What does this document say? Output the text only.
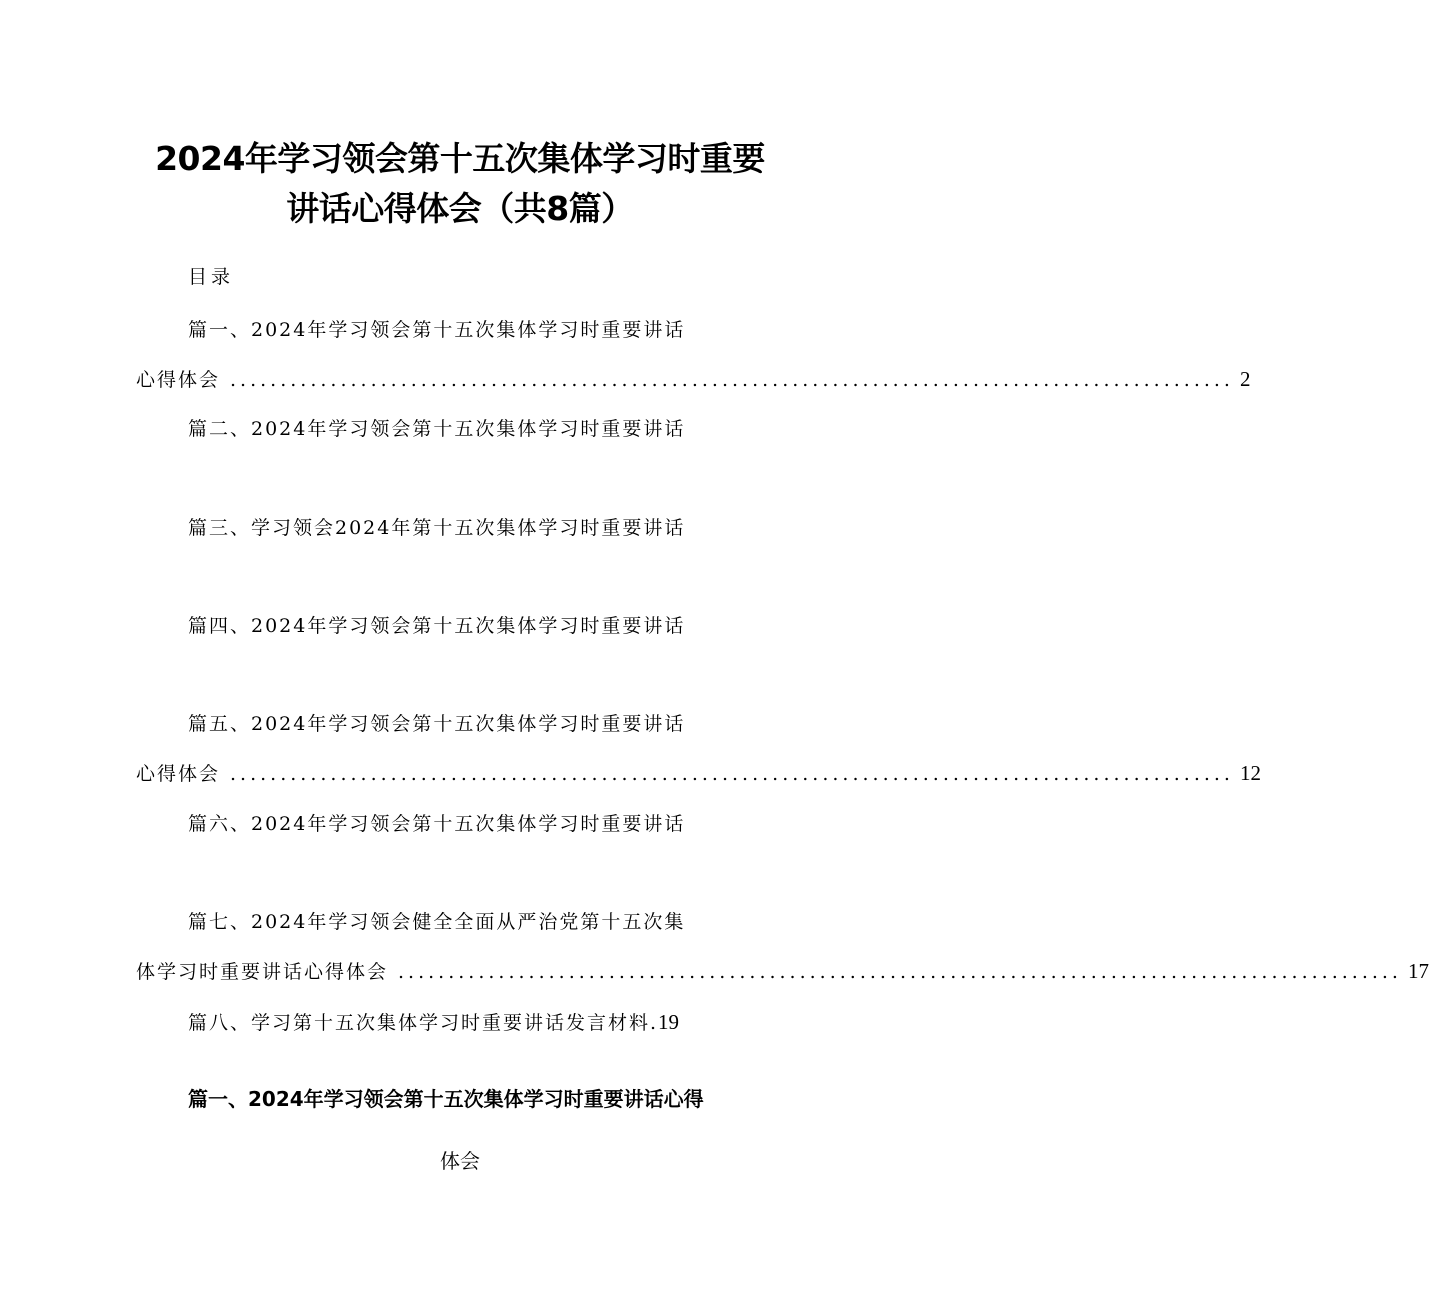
2024年学习领会第十五次集体学习时重要
讲话心得体会（共8篇）
目录
篇一、2024年学习领会第十五次集体学习时重要讲话
心得体会 .................................................................................................... 2
篇二、2024年学习领会第十五次集体学习时重要讲话
篇三、学习领会2024年第十五次集体学习时重要讲话
篇四、2024年学习领会第十五次集体学习时重要讲话
篇五、2024年学习领会第十五次集体学习时重要讲话
心得体会 .................................................................................................... 12
篇六、2024年学习领会第十五次集体学习时重要讲话
篇七、2024年学习领会健全全面从严治党第十五次集
体学习时重要讲话心得体会 .................................................................................................... 17
篇八、学习第十五次集体学习时重要讲话发言材料.19
篇一、2024年学习领会第十五次集体学习时重要讲话心得
体会
